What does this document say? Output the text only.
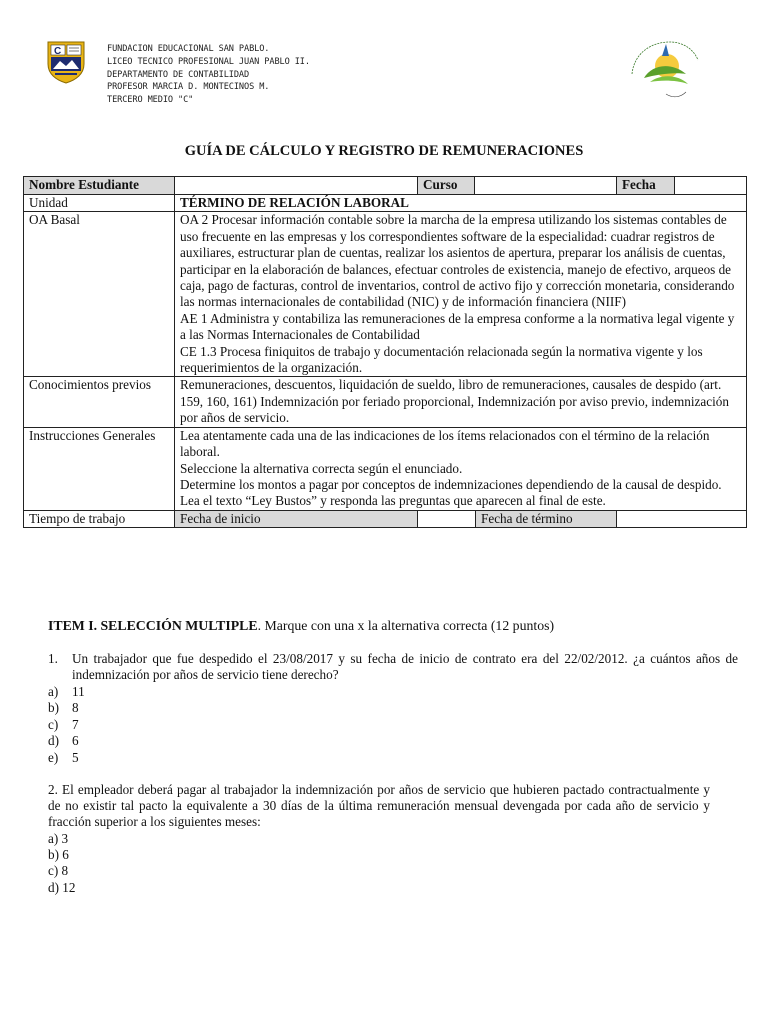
C	FUNDACION EDUCACIONAL SAN PABLO.
LICEO TECNICO PROFESIONAL JUAN PABLO II.
DEPARTAMENTO DE CONTABILIDAD
PROFESOR MARCIA D. MONTECINOS M.
TERCERO MEDIO "C"
GUÍA DE CÁLCULO Y REGISTRO DE REMUNERACIONES
Nombre Estudiante		Curso		Fecha	
Unidad	TÉRMINO DE RELACIÓN LABORAL				
OA Basal	OA 2 Procesar información contable sobre la marcha de la empresa utilizando los sistemas contables de uso frecuente en las empresas y los correspondientes software de la especialidad: cuadrar registros de auxiliares, estructurar plan de cuentas, realizar los asientos de apertura, preparar los análisis de cuentas, participar en la elaboración de balances, efectuar controles de existencia, manejo de efectivo, arqueos de caja, pago de facturas, control de inventarios, control de activo fijo y corrección monetaria, considerando las normas internacionales de contabilidad (NIC) y de información financiera (NIIF)
AE 1 Administra y contabiliza las remuneraciones de la empresa conforme a la normativa legal vigente y a las Normas Internacionales de Contabilidad
CE 1.3 Procesa finiquitos de trabajo y documentación relacionada según la normativa vigente y los requerimientos de la organización.				

Conocimientos previos	Remuneraciones, descuentos, liquidación de sueldo, libro de remuneraciones, causales de despido (art. 159, 160, 161) Indemnización por feriado proporcional, Indemnización por aviso previo, indemnización por años de servicio.				
Instrucciones Generales	Lea atentamente cada una de las indicaciones de los ítems relacionados con el término de la relación laboral.
Seleccione la alternativa correcta según el enunciado.
Determine los montos a pagar por conceptos de indemnizaciones dependiendo de la causal de despido.
Lea el texto “Ley Bustos” y responda las preguntas que aparecen al final de este.				

Tiempo de trabajo	Fecha de inicio	Fecha de término			

ITEM I. SELECCIÓN MULTIPLE. Marque con una x la alternativa correcta (12 puntos)
1. Un trabajador que fue despedido el 23/08/2017 y su fecha de inicio de contrato era del 22/02/2012. ¿a cuántos años de indemnización por años de servicio tiene derecho?
a) 11
b) 8
c) 7
d) 6
e) 5
2. El empleador deberá pagar al trabajador la indemnización por años de servicio que hubieren pactado contractualmente y de no existir tal pacto la equivalente a 30 días de la última remuneración mensual devengada por cada año de servicio y fracción superior a los siguientes meses:
a) 3
b) 6
c) 8
d) 12
